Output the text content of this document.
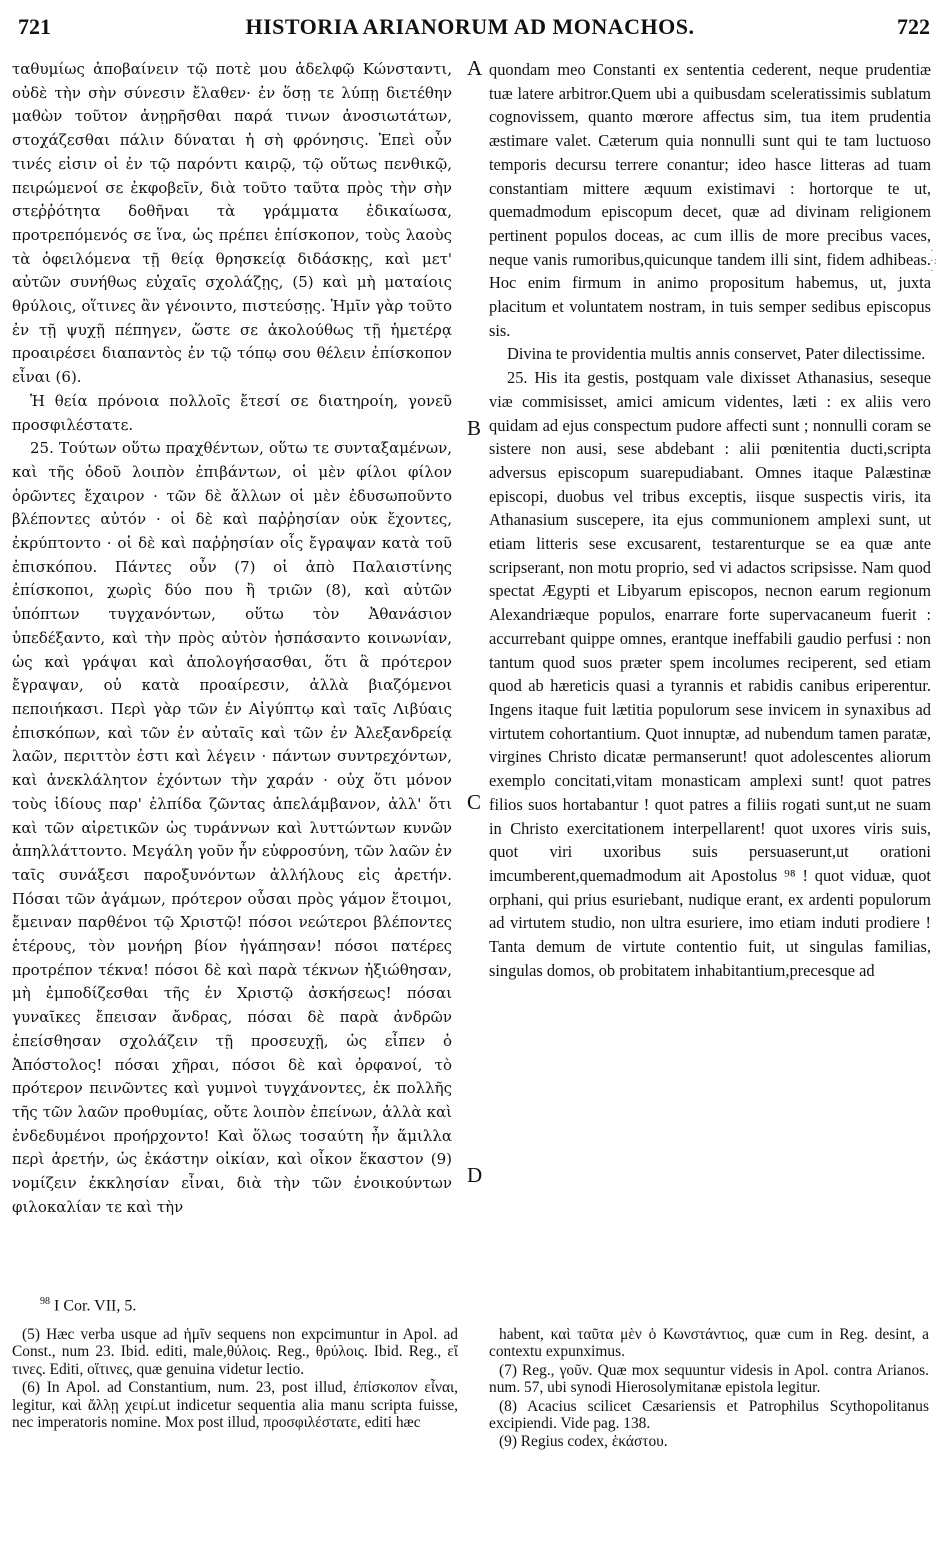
721	HISTORIA ARIANORUM AD MONACHOS.	722

ταθυμίως ἀποβαίνειν τῷ ποτὲ μου ἀδελφῷ Κώνσταντι, οὐδὲ τὴν σὴν σύνεσιν ἔλαθεν· ἐν ὅσῃ τε λύπῃ διετέθην μαθὼν τοῦτον ἀνῃρῆσθαι παρά τινων ἀνοσιωτάτων, στοχάζεσθαι πάλιν δύναται ἡ σὴ φρόνησις. Ἐπεὶ οὖν τινές εἰσιν οἱ ἐν τῷ παρόντι καιρῷ, τῷ οὕτως πενθικῷ, πειρώμενοί σε ἐκφοβεῖν, διὰ τοῦτο ταῦτα πρὸς τὴν σὴν στεῤῥότητα δοθῆναι τὰ γράμματα ἐδικαίωσα, προτρεπόμενός σε ἵνα, ὡς πρέπει ἐπίσκοπον, τοὺς λαοὺς τὰ ὀφειλόμενα τῇ θείᾳ θρησκείᾳ διδάσκῃς, καὶ μετ' αὐτῶν συνήθως εὐχαῖς σχολάζῃς, (5) καὶ μὴ ματαίοις θρύλοις, οἵτινες ἂν γένοιντο, πιστεύσῃς. Ἡμῖν γὰρ τοῦτο ἐν τῇ ψυχῇ πέπηγεν, ὥστε σε ἀκολούθως τῇ ἡμετέρᾳ προαιρέσει διαπαντὸς ἐν τῷ τόπῳ σου θέλειν ἐπίσκοπον εἶναι (6).

Ἡ θεία πρόνοια πολλοῖς ἔτεσί σε διατηροίη, γονεῦ προσφιλέστατε.

25. Τούτων οὕτω πραχθέντων, οὕτω τε συνταξαμένων, καὶ τῆς ὁδοῦ λοιπὸν ἐπιβάντων, οἱ μὲν φίλοι φίλον ὁρῶντες ἔχαιρον · τῶν δὲ ἄλλων οἱ μὲν ἐδυσωποῦντο βλέποντες αὐτόν · οἱ δὲ καὶ παῤῥησίαν οὐκ ἔχοντες, ἐκρύπτοντο · οἱ δὲ καὶ παῤῥησίαν οἷς ἔγραψαν κατὰ τοῦ ἐπισκόπου. Πάντες οὖν (7) οἱ ἀπὸ Παλαιστίνης ἐπίσκοποι, χωρὶς δύο που ἢ τριῶν (8), καὶ αὐτῶν ὑπόπτων τυγχανόντων, οὕτω τὸν Ἀθανάσιον ὑπεδέξαντο, καὶ τὴν πρὸς αὐτὸν ἠσπάσαντο κοινωνίαν, ὡς καὶ γράψαι καὶ ἀπολογήσασθαι, ὅτι ἃ πρότερον ἔγραψαν, οὐ κατὰ προαίρεσιν, ἀλλὰ βιαζόμενοι πεποιήκασι. Περὶ γὰρ τῶν ἐν Αἰγύπτῳ καὶ ταῖς Λιβύαις ἐπισκόπων, καὶ τῶν ἐν αὐταῖς καὶ τῶν ἐν Ἀλεξανδρείᾳ λαῶν, περιττὸν ἐστι καὶ λέγειν · πάντων συντρεχόντων, καὶ ἀνεκλάλητον ἐχόντων τὴν χαράν · οὐχ ὅτι μόνον τοὺς ἰδίους παρ' ἐλπίδα ζῶντας ἀπελάμβανον, ἀλλ' ὅτι καὶ τῶν αἱρετικῶν ὡς τυράννων καὶ λυττώντων κυνῶν ἀπηλλάττοντο. Μεγάλη γοῦν ἦν εὐφροσύνη, τῶν λαῶν ἐν ταῖς συνάξεσι παροξυνόντων ἀλλήλους εἰς ἀρετήν. Πόσαι τῶν ἀγάμων, πρότερον οὖσαι πρὸς γάμον ἕτοιμοι, ἔμειναν παρθένοι τῷ Χριστῷ! πόσοι νεώτεροι βλέποντες ἑτέρους, τὸν μονήρη βίον ἠγάπησαν! πόσοι πατέρες προτρέπον τέκνα! πόσοι δὲ καὶ παρὰ τέκνων ἠξιώθησαν, μὴ ἐμποδίζεσθαι τῆς ἐν Χριστῷ ἀσκήσεως! πόσαι γυναῖκες ἔπεισαν ἄνδρας, πόσαι δὲ παρὰ ἀνδρῶν ἐπείσθησαν σχολάζειν τῇ προσευχῇ, ὡς εἶπεν ὁ Ἀπόστολος! πόσαι χῆραι, πόσοι δὲ καὶ ὀρφανοί, τὸ πρότερον πεινῶντες καὶ γυμνοὶ τυγχάνοντες, ἐκ πολλῆς τῆς τῶν λαῶν προθυμίας, οὔτε λοιπὸν ἐπείνων, ἀλλὰ καὶ ἐνδεδυμένοι προήρχοντο! Καὶ ὅλως τοσαύτη ἦν ἅμιλλα περὶ ἀρετήν, ὡς ἑκάστην οἰκίαν, καὶ οἶκον ἕκαστον (9) νομίζειν ἐκκλησίαν εἶναι, διὰ τὴν τῶν ἐνοικούντων φιλοκαλίαν τε καὶ τὴν

A
B
C
D

quondam meo Constanti ex sententia cederent, neque prudentiæ tuæ latere arbitror.Quem ubi a quibusdam sceleratissimis sublatum cognovissem, quanto mœrore affectus sim, tua item prudentia æstimare valet. Cæterum quia nonnulli sunt qui te tam luctuoso temporis decursu terrere conantur; ideo hasce litteras ad tuam constantiam mittere æquum existimavi : hortorque te ut, quemadmodum episcopum decet, quæ ad divinam religionem pertinent populos doceas, ac cum illis de more precibus vaces, neque vanis rumoribus,quicunque tandem illi sint, fidem adhibeas. Hoc enim firmum in animo propositum habemus, ut, juxta placitum et voluntatem nostram, in tuis semper sedibus episcopus sis.

Divina te providentia multis annis conservet, Pater dilectissime.

25. His ita gestis, postquam vale dixisset Athanasius, seseque viæ commisisset, amici amicum videntes, læti : ex aliis vero quidam ad ejus conspectum pudore affecti sunt ; nonnulli coram se sistere non ausi, sese abdebant : alii pœnitentia ducti,scripta adversus episcopum suarepudiabant. Omnes itaque Palæstinæ episcopi, duobus vel tribus exceptis, iisque suspectis viris, ita Athanasium suscepere, ita ejus communionem amplexi sunt, ut etiam litteris sese excusarent, testarenturque se ea quæ ante scripserant, non motu proprio, sed vi adactos scripsisse. Nam quod spectat Ægypti et Libyarum episcopos, necnon earum regionum Alexandriæque populos, enarrare forte supervacaneum fuerit : accurrebant quippe omnes, erantque ineffabili gaudio perfusi : non tantum quod suos præter spem incolumes reciperent, sed etiam quod ab hæreticis quasi a tyrannis et rabidis canibus eriperentur. Ingens itaque fuit lætitia populorum sese invicem in synaxibus ad virtutem cohortantium. Quot innuptæ, ad nubendum tamen paratæ, virgines Christo dicatæ permanserunt! quot adolescentes aliorum exemplo concitati,vitam monasticam amplexi sunt! quot patres filios suos hortabantur ! quot patres a filiis rogati sunt,ut ne suam in Christo exercitationem interpellarent! quot uxores viris suis, quot viri uxoribus suis persuaserunt,ut orationi imcumberent,quemadmodum ait Apostolus ⁹⁸ ! quot viduæ, quot orphani, qui prius esuriebant, nudique erant, ex ardenti populorum ad virtutem studio, non ultra esuriere, imo etiam induti prodiere ! Tanta demum de virtute contentio fuit, ut singulas familias, singulas domos, ob probitatem inhabitantium,precesque ad

·
·:
·
$^{98}$ I Cor. VII, 5.

(5) Hæc verba usque ad ἡμῖν sequens non expcimuntur in Apol. ad Const., num 23. Ibid. editi, male,θύλοις. Reg., θρύλοις. Ibid. Reg., εἴ τινες. Editi, οἵτινες, quæ genuina videtur lectio.

(6) In Apol. ad Constantium, num. 23, post illud, ἐπίσκοπον εἶναι, legitur, καὶ ἄλλῃ χειρί.ut indicetur sequentia alia manu scripta fuisse, nec imperatoris nomine. Mox post illud, προσφιλέστατε, editi hæc

habent, καὶ ταῦτα μὲν ὁ Κωνστάντιος, quæ cum in Reg. desint, a contextu expunximus.

(7) Reg., γοῦν. Quæ mox sequuntur videsis in Apol. contra Arianos. num. 57, ubi synodi Hierosolymitanæ epistola legitur.

(8) Acacius scilicet Cæsariensis et Patrophilus Scythopolitanus excipiendi. Vide pag. 138.

(9) Regius codex, ἑκάστου.
